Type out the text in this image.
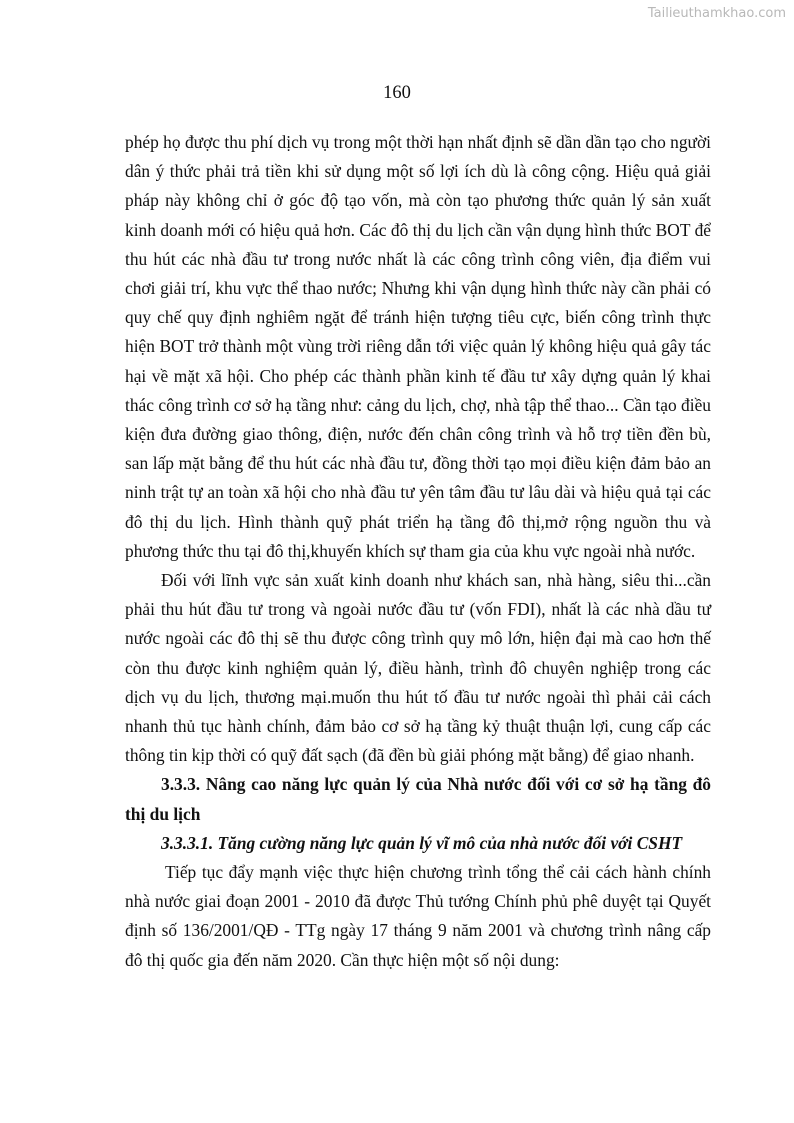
Tailieuthamkhao.com
160

phép họ được thu phí dịch vụ trong một thời hạn nhất định sẽ dần dần tạo cho người dân ý thức phải trả tiền khi sử dụng một số lợi ích dù là công cộng. Hiệu quả giải pháp này không chỉ ở góc độ tạo vốn, mà còn tạo phương thức quản lý sản xuất kinh doanh mới có hiệu quả hơn. Các đô thị du lịch cần vận dụng hình thức BOT để thu hút các nhà đầu tư trong nước nhất là các công trình công viên, địa điểm vui chơi giải trí, khu vực thể thao nước; Nhưng khi vận dụng hình thức này cần phải có quy chế quy định nghiêm ngặt để tránh hiện tượng tiêu cực, biến công trình thực hiện BOT trở thành một vùng trời riêng dẫn tới việc quản lý không hiệu quả gây tác hại về mặt xã hội. Cho phép các thành phần kinh tế đầu tư xây dựng quản lý khai thác công trình cơ sở hạ tầng như: cảng du lịch, chợ, nhà tập thể thao... Cần tạo điều kiện đưa đường giao thông, điện, nước đến chân công trình và hỗ trợ tiền đền bù, san lấp mặt bằng để thu hút các nhà đầu tư, đồng thời tạo mọi điều kiện đảm bảo an ninh trật tự an toàn xã hội cho nhà đầu tư yên tâm đầu tư lâu dài và hiệu quả tại các đô thị du lịch. Hình thành quỹ phát triển hạ tầng đô thị,mở rộng nguồn thu và phương thức thu tại đô thị,khuyến khích sự tham gia của khu vực ngoài nhà nước.

Đối với lĩnh vực sản xuất kinh doanh như khách san, nhà hàng, siêu thi...cần phải thu hút đầu tư trong và ngoài nước đầu tư (vốn FDI), nhất là các nhà dầu tư nước ngoài các đô thị sẽ thu được công trình quy mô lớn, hiện đại mà cao hơn thế còn thu được kinh nghiệm quản lý, điều hành, trình đô chuyên nghiệp trong các dịch vụ du lịch, thương mại.muốn thu hút tố đầu tư nước ngoài thì phải cải cách nhanh thủ tục hành chính, đảm bảo cơ sở hạ tầng kỷ thuật thuận lợi, cung cấp các thông tin kịp thời có quỹ đất sạch (đã đền bù giải phóng mặt bằng) để giao nhanh.

3.3.3. Nâng cao năng lực quản lý của Nhà nước đối với cơ sở hạ tầng đô thị du lịch

3.3.3.1. Tăng cường năng lực quản lý vĩ mô của nhà nước đối với CSHT

Tiếp tục đẩy mạnh việc thực hiện chương trình tổng thể cải cách hành chính nhà nước giai đoạn 2001 - 2010 đã được Thủ tướng Chính phủ phê duyệt tại Quyết định số 136/2001/QĐ - TTg ngày 17 tháng 9 năm 2001 và chương trình nâng cấp đô thị quốc gia đến năm 2020. Cần thực hiện một số nội dung:
